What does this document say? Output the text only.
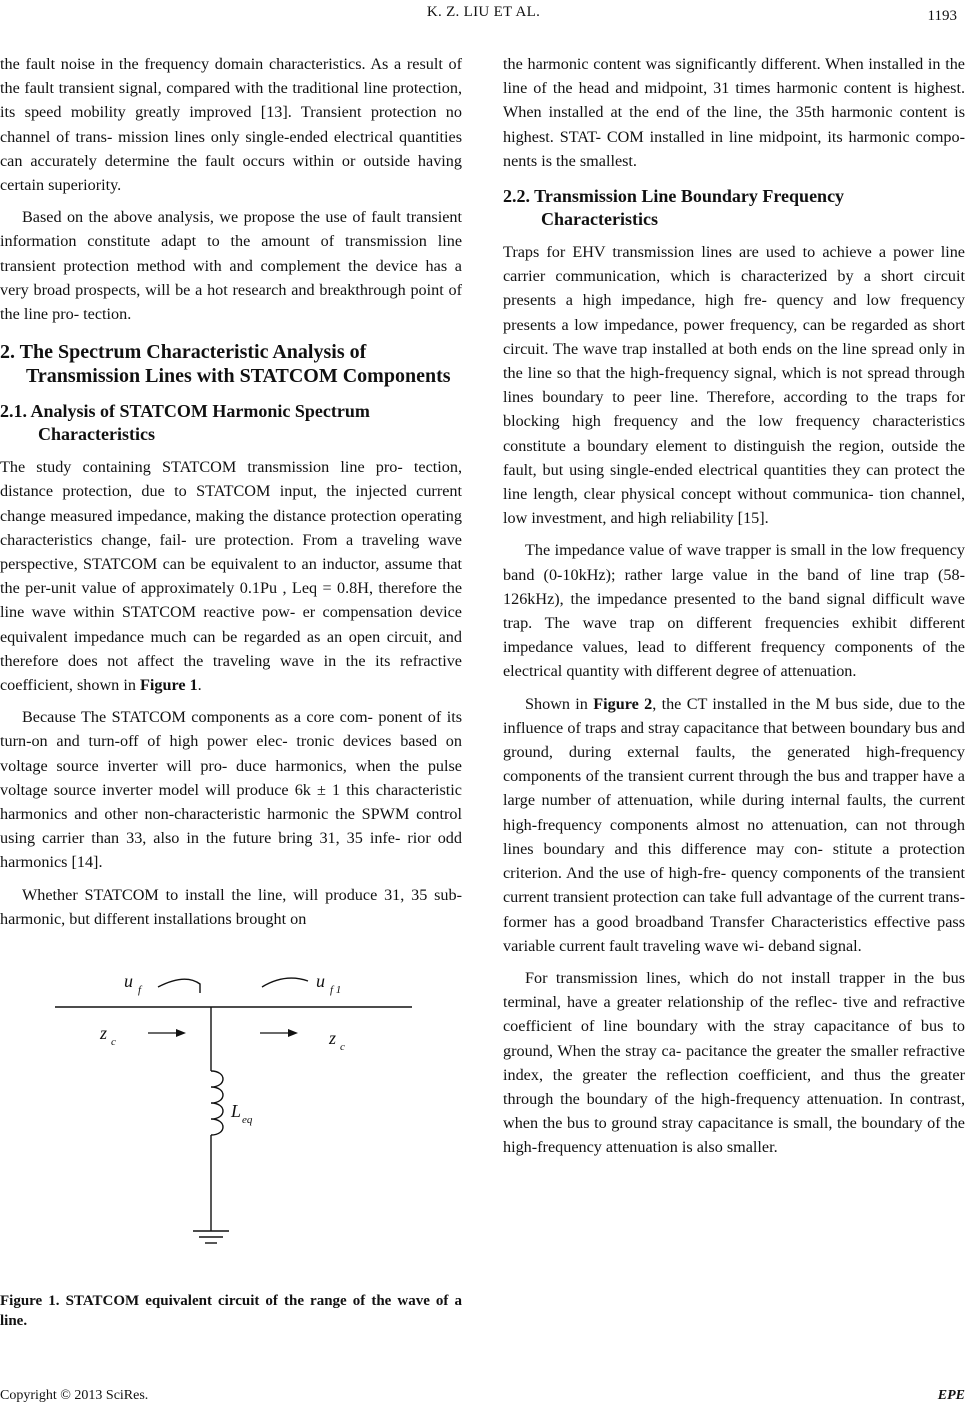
K. Z. LIU ET AL.	1193

the fault noise in the frequency domain characteristics. As a result of the fault transient signal, compared with the traditional line protection, its speed mobility greatly improved [13]. Transient protection no channel of trans- mission lines only single-ended electrical quantities can accurately determine the fault occurs within or outside having certain superiority.

Based on the above analysis, we propose the use of fault transient information constitute adapt to the amount of transmission line transient protection method with and complement the device has a very broad prospects, will be a hot research and breakthrough point of the line pro- tection.

2. The Spectrum Characteristic Analysis of Transmission Lines with STATCOM Components
2.1. Analysis of STATCOM Harmonic Spectrum Characteristics

The study containing STATCOM transmission line pro- tection, distance protection, due to STATCOM input, the injected current change measured impedance, making the distance protection operating characteristics change, fail- ure protection. From a traveling wave perspective, STATCOM can be equivalent to an inductor, assume that the per-unit value of approximately 0.1Pu , Leq = 0.8H, therefore the line wave within STATCOM reactive pow- er compensation device equivalent impedance much can be regarded as an open circuit, and therefore does not affect the traveling wave in the its refractive coefficient, shown in Figure 1.

Because The STATCOM components as a core com- ponent of its turn-on and turn-off of high power elec- tronic devices based on voltage source inverter will pro- duce harmonics, when the pulse voltage source inverter model will produce 6k ± 1 this characteristic harmonics and other non-characteristic harmonic the SPWM control using carrier than 33, also in the future bring 31, 35 infe- rior odd harmonics [14].

Whether STATCOM to install the line, will produce 31, 35 sub-harmonic, but different installations brought on

u f	u f 1
z c	z c
L eq
Figure 1. STATCOM equivalent circuit of the range of the wave of a line.

the harmonic content was significantly different. When installed in the line of the head and midpoint, 31 times harmonic content is highest. When installed at the end of the line, the 35th harmonic content is highest. STAT- COM installed in line midpoint, its harmonic compo- nents is the smallest.

2.2. Transmission Line Boundary Frequency Characteristics

Traps for EHV transmission lines are used to achieve a power line carrier communication, which is characterized by a short circuit presents a high impedance, high fre- quency and low frequency presents a low impedance, power frequency, can be regarded as short circuit. The wave trap installed at both ends on the line spread only in the line so that the high-frequency signal, which is not spread through lines boundary to peer line. Therefore, according to the traps for blocking high frequency and the low frequency characteristics constitute a boundary element to distinguish the region, outside the fault, but using single-ended electrical quantities they can protect the line length, clear physical concept without communica- tion channel, low investment, and high reliability [15].

The impedance value of wave trapper is small in the low frequency band (0-10kHz); rather large value in the band of line trap (58-126kHz), the impedance presented to the band signal difficult wave trap. The wave trap on different frequencies exhibit different impedance values, lead to different frequency components of the electrical quantity with different degree of attenuation.

Shown in Figure 2, the CT installed in the M bus side, due to the influence of traps and stray capacitance that between boundary bus and ground, during external faults, the generated high-frequency components of the transient current through the bus and trapper have a large number of attenuation, while during internal faults, the current high-frequency components almost no attenuation, can not through lines boundary and this difference may con- stitute a protection criterion. And the use of high-fre- quency components of the transient current transient protection can take full advantage of the current trans- former has a good broadband Transfer Characteristics effective pass variable current fault traveling wave wi- deband signal.

For transmission lines, which do not install trapper in the bus terminal, have a greater relationship of the reflec- tive and refractive coefficient of line boundary with the stray capacitance of bus to ground, When the stray ca- pacitance the greater the smaller refractive index, the greater the reflection coefficient, and thus the greater through the boundary of the high-frequency attenuation. In contrast, when the bus to ground stray capacitance is small, the boundary of the high-frequency attenuation is also smaller.

Copyright © 2013 SciRes.	EPE
